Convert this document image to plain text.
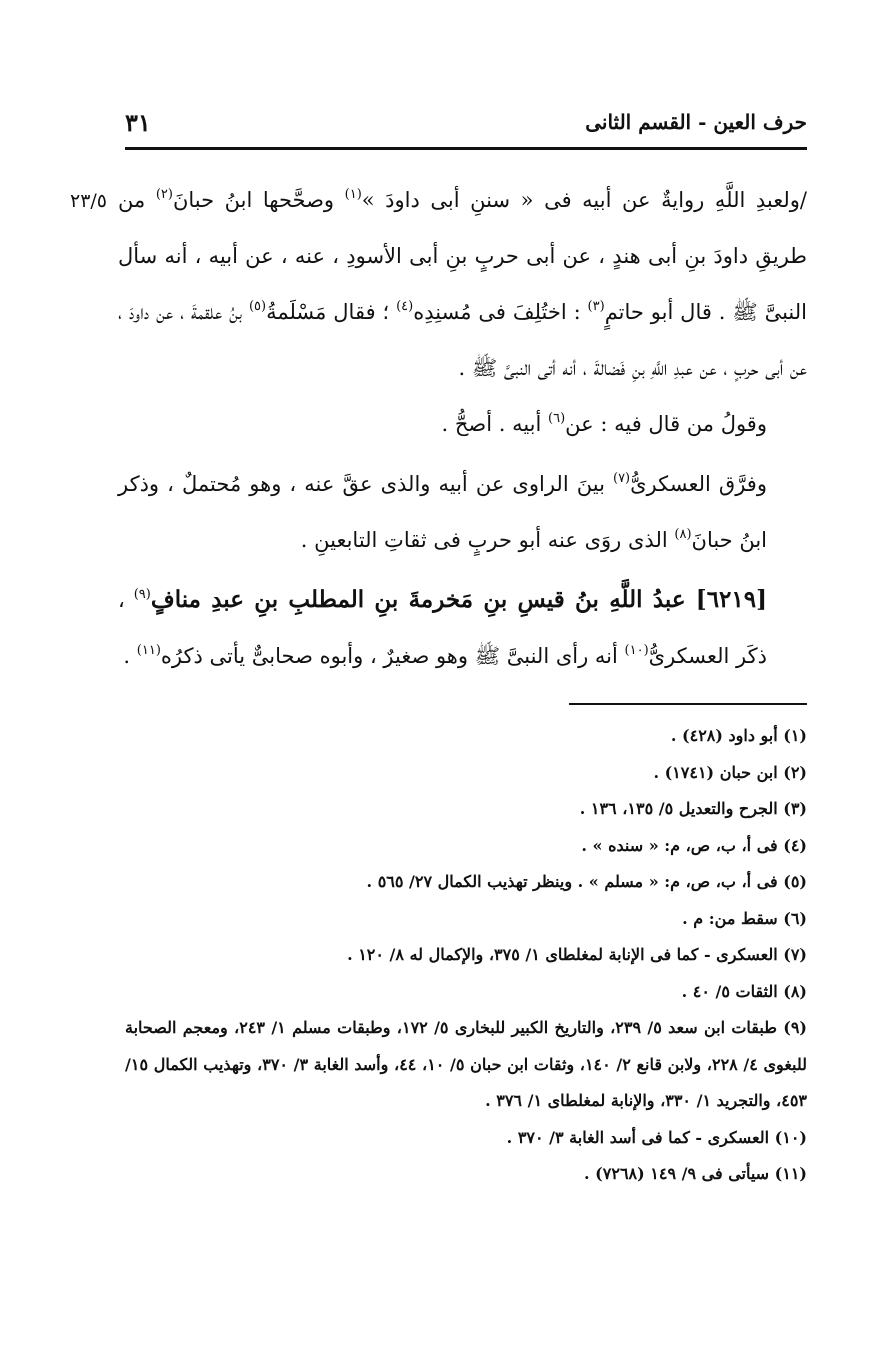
حرف العين - القسم الثانى
٣١
٢٣/٥	/ولعبدِ اللَّهِ روايةٌ عن أبيه فى « سننِ أبى داودَ »$^{(١)}$ وصحَّحها ابنُ حبانَ$^{(٢)}$ من طريقِ داودَ بنِ أبى هندٍ ، عن أبى حربٍ بنِ أبى الأسودِ ، عنه ، عن أبيه ، أنه سأل النبىَّ ﷺ . قال أبو حاتمٍ$^{(٣)}$ : اختُلِفَ فى مُسنِدِه$^{(٤)}$ ؛ فقال مَسْلَمةُ$^{(٥)}$ بنُ علقمةَ ، عن داودَ ، عن أبى حربٍ ، عن عبدِ اللَّهِ بنِ فَضالةَ ، أنه أتى النبىَّ ﷺ .

وقولُ من قال فيه : عن$^{(٦)}$ أبيه . أصحُّ .

وفرَّق العسكرىُّ$^{(٧)}$ بينَ الراوى عن أبيه والذى عقَّ عنه ، وهو مُحتملٌ ، وذكر ابنُ حبانَ$^{(٨)}$ الذى روَى عنه أبو حربٍ فى ثقاتِ التابعينِ .

[٦٢١٩] عبدُ اللَّهِ بنُ قيسِ بنِ مَخرمةَ بنِ المطلبِ بنِ عبدِ منافٍ$^{(٩)}$ ، ذكَر العسكرىُّ$^{(١٠)}$ أنه رأى النبىَّ ﷺ وهو صغيرٌ ، وأبوه صحابىٌّ يأتى ذكرُه$^{(١١)}$ .

(١) أبو داود (٤٢٨) .

(٢) ابن حبان (١٧٤١) .

(٣) الجرح والتعديل ٥/ ١٣٥، ١٣٦ .

(٤) فى أ، ب، ص، م: « سنده » .

(٥) فى أ، ب، ص، م: « مسلم » . وينظر تهذيب الكمال ٢٧/ ٥٦٥ .

(٦) سقط من: م .

(٧) العسكرى - كما فى الإنابة لمغلطاى ١/ ٣٧٥، والإكمال له ٨/ ١٢٠ .

(٨) الثقات ٥/ ٤٠ .

(٩) طبقات ابن سعد ٥/ ٢٣٩، والتاريخ الكبير للبخارى ٥/ ١٧٢، وطبقات مسلم ١/ ٢٤٣، ومعجم الصحابة للبغوى ٤/ ٢٢٨، ولابن قانع ٢/ ١٤٠، وثقات ابن حبان ٥/ ١٠، ٤٤، وأسد الغابة ٣/ ٣٧٠، وتهذيب الكمال ١٥/ ٤٥٣، والتجريد ١/ ٣٣٠، والإنابة لمغلطاى ١/ ٣٧٦ .

(١٠) العسكرى - كما فى أسد الغابة ٣/ ٣٧٠ .

(١١) سيأتى فى ٩/ ١٤٩ (٧٢٦٨) .
